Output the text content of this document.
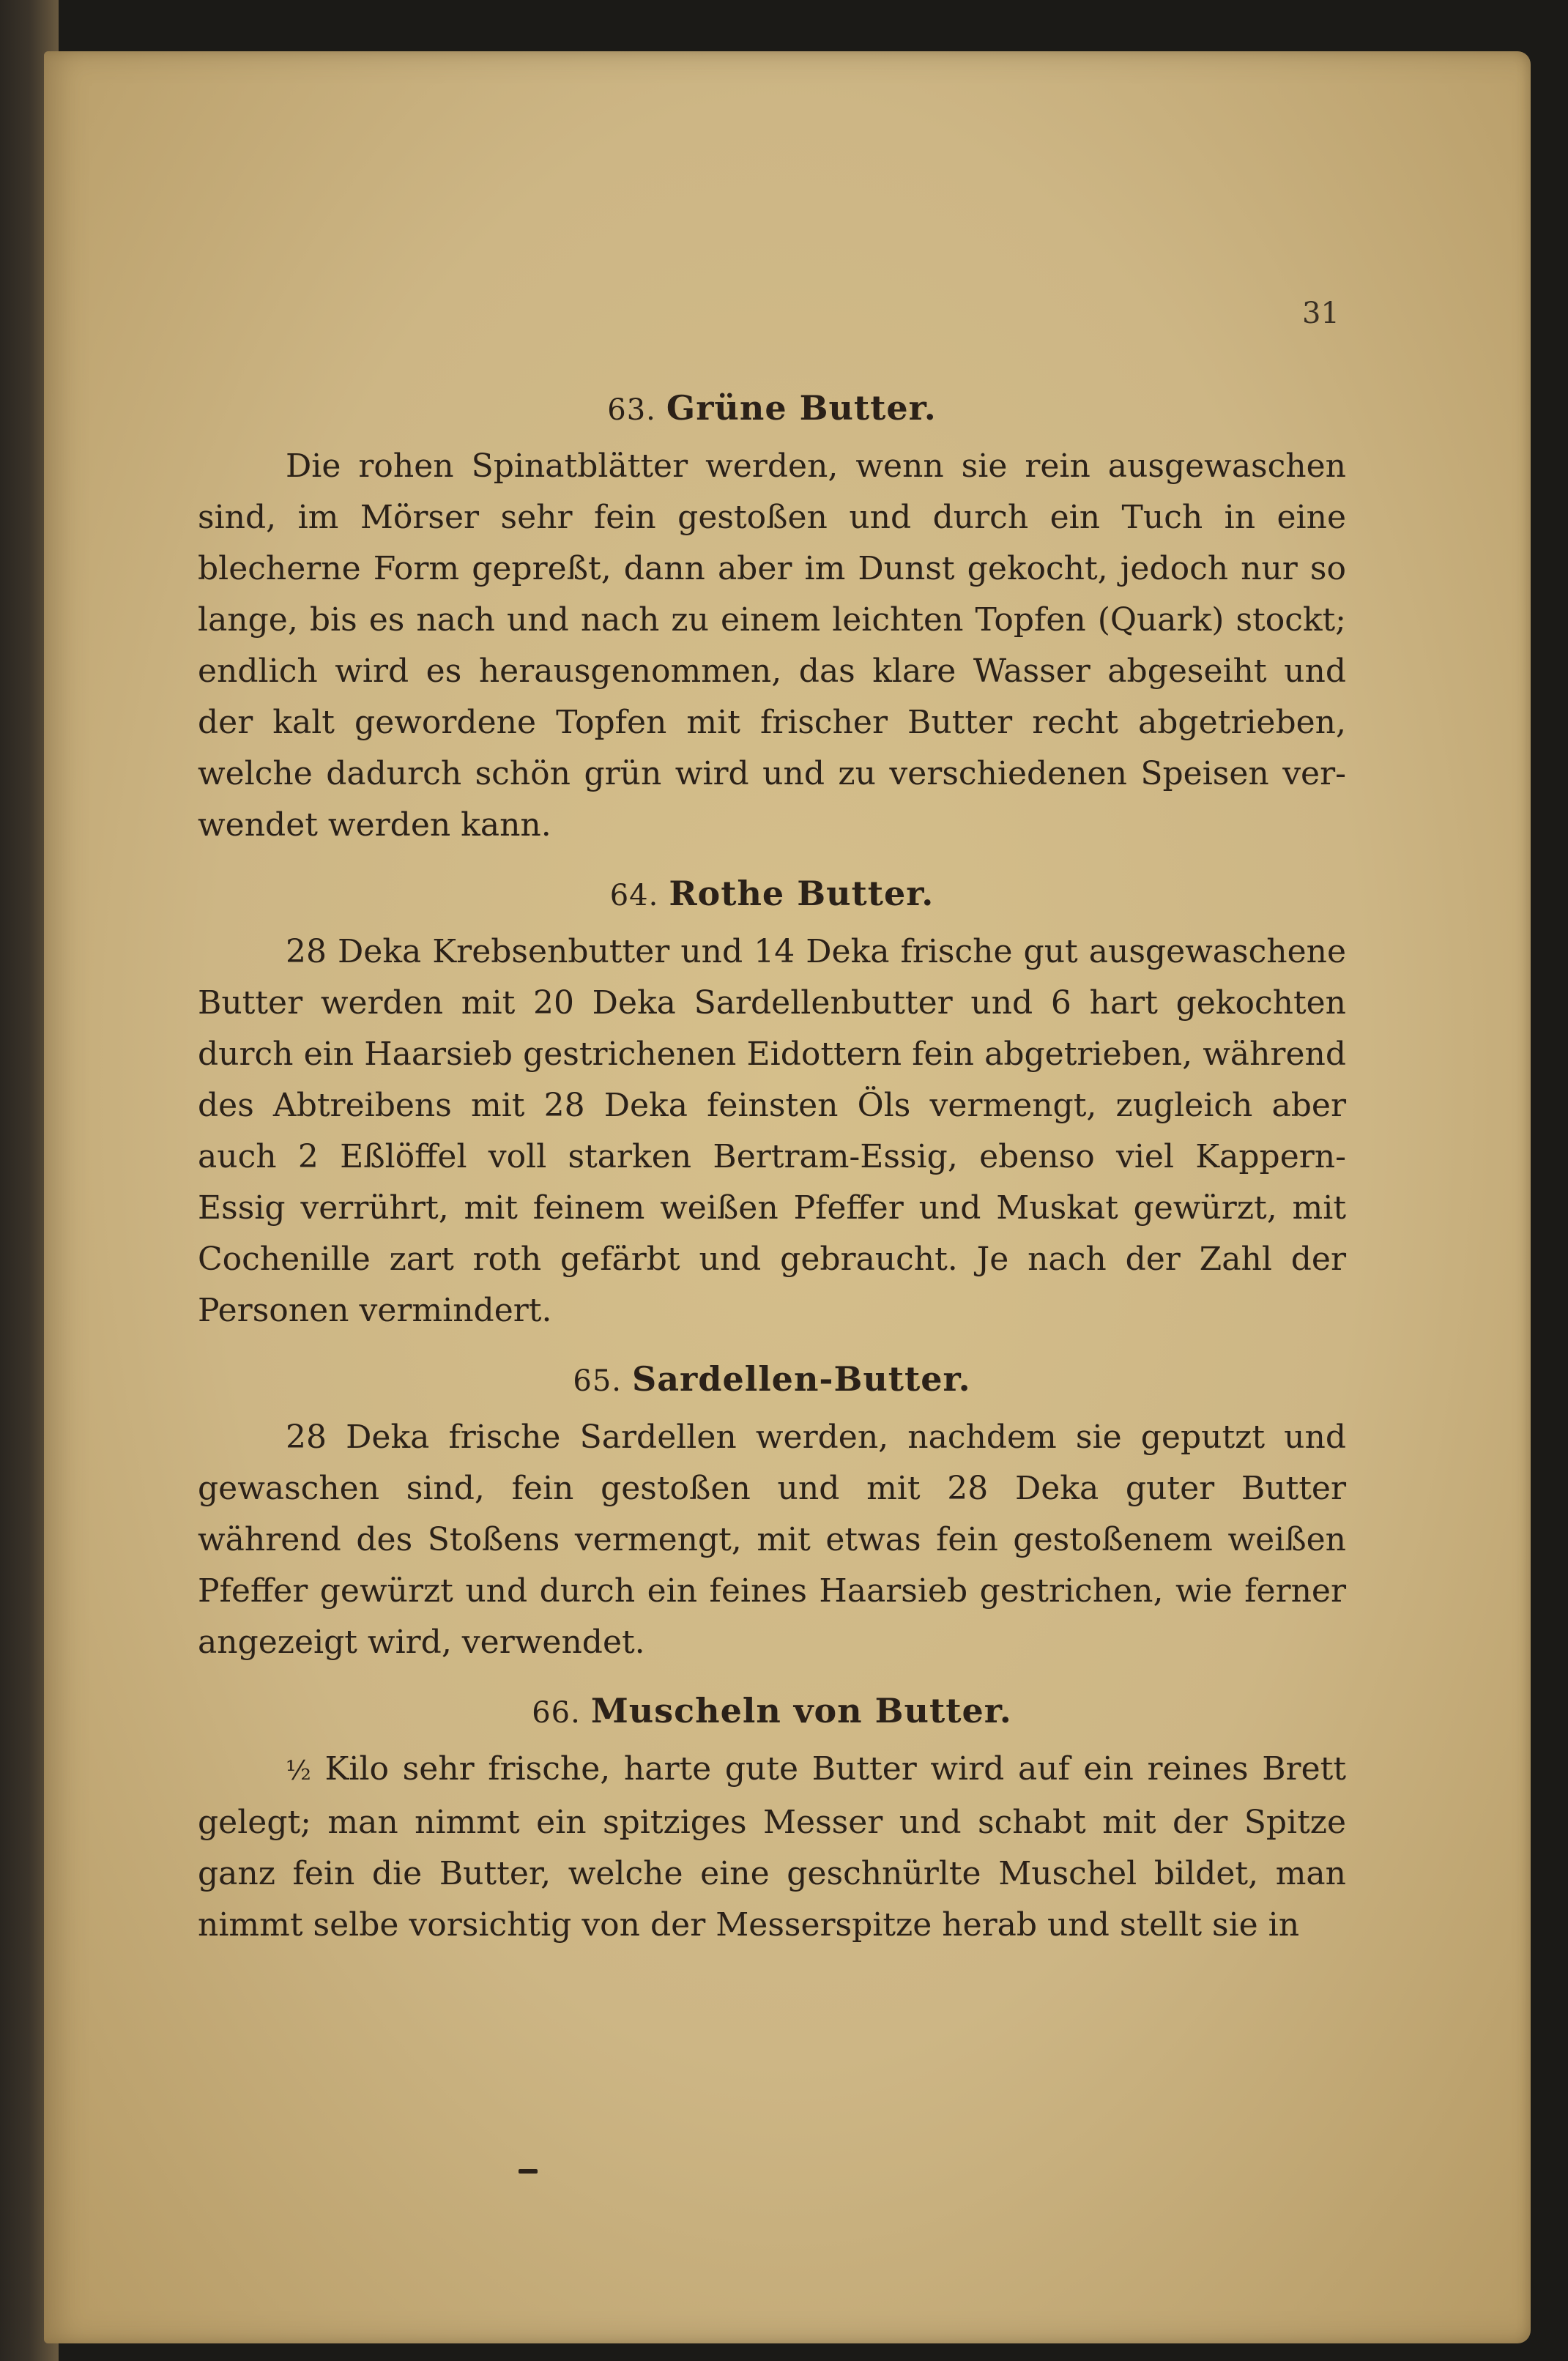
31
63. Grüne Butter.

Die rohen Spinatblätter werden, wenn sie rein ausgewaschen sind, im Mörser sehr fein gestoßen und durch ein Tuch in eine blecherne Form gepreßt, dann aber im Dunst gekocht, jedoch nur so lange, bis es nach und nach zu einem leichten Topfen (Quark) stockt; endlich wird es herausgenommen, das klare Wasser abgeseiht und der kalt gewordene Topfen mit frischer Butter recht abgetrieben, welche dadurch schön grün wird und zu verschiedenen Speisen ver- wendet werden kann.

64. Rothe Butter.

28 Deka Krebsenbutter und 14 Deka frische gut ausgewaschene Butter werden mit 20 Deka Sardellenbutter und 6 hart gekochten durch ein Haarsieb gestrichenen Eidottern fein abgetrieben, während des Abtreibens mit 28 Deka feinsten Öls vermengt, zugleich aber auch 2 Eßlöffel voll starken Bertram-Essig, ebenso viel Kappern- Essig verrührt, mit feinem weißen Pfeffer und Muskat gewürzt, mit Cochenille zart roth gefärbt und gebraucht. Je nach der Zahl der Personen vermindert.

65. Sardellen-Butter.

28 Deka frische Sardellen werden, nachdem sie geputzt und gewaschen sind, fein gestoßen und mit 28 Deka guter Butter während des Stoßens vermengt, mit etwas fein gestoßenem weißen Pfeffer gewürzt und durch ein feines Haarsieb gestrichen, wie ferner angezeigt wird, verwendet.

66. Muscheln von Butter.

½ Kilo sehr frische, harte gute Butter wird auf ein reines Brett gelegt; man nimmt ein spitziges Messer und schabt mit der Spitze ganz fein die Butter, welche eine geschnürlte Muschel bildet, man nimmt selbe vorsichtig von der Messerspitze herab und stellt sie in
